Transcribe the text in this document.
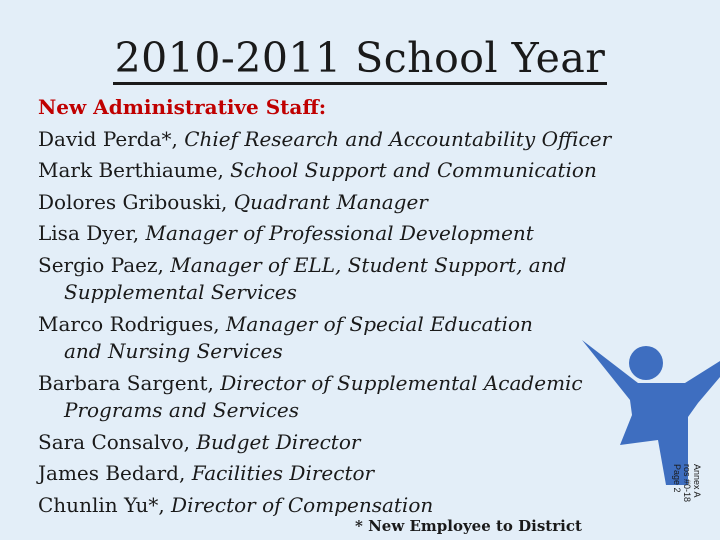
2010-2011 School Year
New Administrative Staff:
David Perda*, Chief Research and Accountability Officer
Mark Berthiaume, School Support and Communication
Dolores Gribouski, Quadrant Manager
Lisa Dyer, Manager of Professional Development
Sergio Paez, Manager of ELL, Student Support, and
Supplemental Services
Marco Rodrigues, Manager of Special Education
and Nursing Services
Barbara Sargent, Director of Supplemental Academic
Programs and Services
Sara Consalvo, Budget Director
James Bedard, Facilities Director
Chunlin Yu*, Director of Compensation
* New Employee to District
Annex A
ros #0-18
Page 2
